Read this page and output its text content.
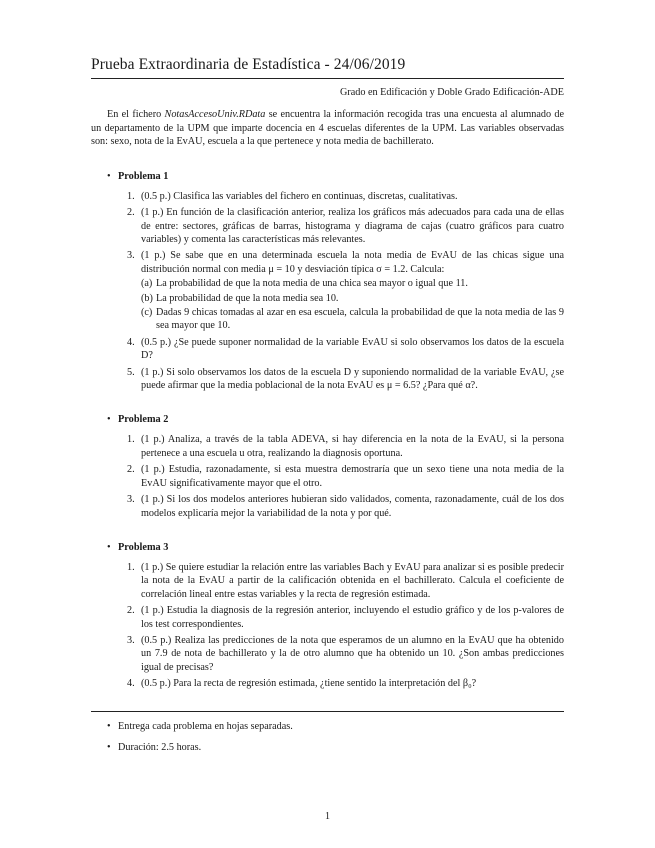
Prueba Extraordinaria de Estadística - 24/06/2019
Grado en Edificación y Doble Grado Edificación-ADE

En el fichero NotasAccesoUniv.RData se encuentra la información recogida tras una encuesta al alumnado de un departamento de la UPM que imparte docencia en 4 escuelas diferentes de la UPM. Las variables observadas son: sexo, nota de la EvAU, escuela a la que pertenece y nota media de bachillerato.

• Problema 1
1. (0.5 p.) Clasifica las variables del fichero en continuas, discretas, cualitativas.
2. (1 p.) En función de la clasificación anterior, realiza los gráficos más adecuados para cada una de ellas de entre: sectores, gráficas de barras, histograma y diagrama de cajas (cuatro gráficos para cuatro variables) y comenta las características más relevantes.
3. (1 p.) Se sabe que en una determinada escuela la nota media de EvAU de las chicas sigue una distribución normal con media μ = 10 y desviación típica σ = 1.2. Calcula:
(a) La probabilidad de que la nota media de una chica sea mayor o igual que 11.
(b) La probabilidad de que la nota media sea 10.
(c) Dadas 9 chicas tomadas al azar en esa escuela, calcula la probabilidad de que la nota media de las 9 sea mayor que 10.
4. (0.5 p.) ¿Se puede suponer normalidad de la variable EvAU si solo observamos los datos de la escuela D?
5. (1 p.) Si solo observamos los datos de la escuela D y suponiendo normalidad de la variable EvAU, ¿se puede afirmar que la media poblacional de la nota EvAU es μ = 6.5? ¿Para qué α?.
• Problema 2
1. (1 p.) Analiza, a través de la tabla ADEVA, si hay diferencia en la nota de la EvAU, si la persona pertenece a una escuela u otra, realizando la diagnosis oportuna.
2. (1 p.) Estudia, razonadamente, si esta muestra demostraría que un sexo tiene una nota media de la EvAU significativamente mayor que el otro.
3. (1 p.) Si los dos modelos anteriores hubieran sido validados, comenta, razonadamente, cuál de los dos modelos explicaría mejor la variabilidad de la nota y por qué.
• Problema 3
1. (1 p.) Se quiere estudiar la relación entre las variables Bach y EvAU para analizar si es posible predecir la nota de la EvAU a partir de la calificación obtenida en el bachillerato. Calcula el coeficiente de correlación lineal entre estas variables y la recta de regresión estimada.
2. (1 p.) Estudia la diagnosis de la regresión anterior, incluyendo el estudio gráfico y de los p-valores de los test correspondientes.
3. (0.5 p.) Realiza las predicciones de la nota que esperamos de un alumno en la EvAU que ha obtenido un 7.9 de nota de bachillerato y la de otro alumno que ha obtenido un 10. ¿Son ambas predicciones igual de precisas?
4. (0.5 p.) Para la recta de regresión estimada, ¿tiene sentido la interpretación del β₀?
• Entrega cada problema en hojas separadas.
• Duración: 2.5 horas.
1
